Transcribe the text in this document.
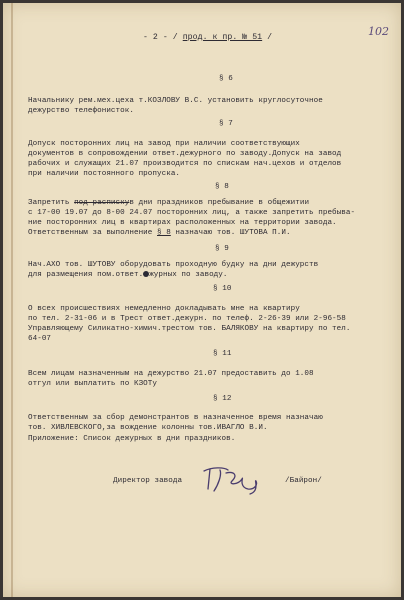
- 2 - / прод. к пр. № 51 /	102
§ 6
Начальнику рем.мех.цеха т.КОЗЛОВУ В.С. установить круглосуточное
дежурство телефонисток.
§ 7
Допуск посторонних лиц на завод при наличии соответствующих
документов в сопровождении ответ.дежурного по заводу.Допуск на завод
рабочих и служащих 21.07 производится по спискам нач.цехов и отделов
при наличии постоянного пропуска.
§ 8
Запретить под распискув дни праздников пребывание в общежитии
с 17-00 19.07 до 8-00 24.07 посторонних лиц, а также запретить пребыва-
ние посторонних лиц в квартирах расположенных на территории завода.
Ответственным за выполнение § 8 назначаю тов. ШУТОВА П.И.
§ 9
Нач.АХО тов. ШУТОВУ оборудовать проходную будку на дни дежурств
для размещения пом.ответ. журных по заводу.
§ 10
О всех происшествиях немедленно докладывать мне на квартиру
по тел. 2-31-06 и в Трест ответ.дежурн. по телеф. 2-26-39 или 2-96-58
Управляющему Силикатно-химич.трестом тов. БАЛЯКОВУ на квартиру по тел.
64-07
§ 11
Всем лицам назначенным на дежурство 21.07 предоставить до 1.08
отгул или выплатить по КЗОТу
§ 12
Ответственным за сбор демонстрантов в назначенное время назначаю
тов. ХИВЛЕВСКОГО,за вождение колонны тов.ИВАГЛО В.И.
Приложение: Список дежурных в дни праздников.
Директор завода	/Байрон/
